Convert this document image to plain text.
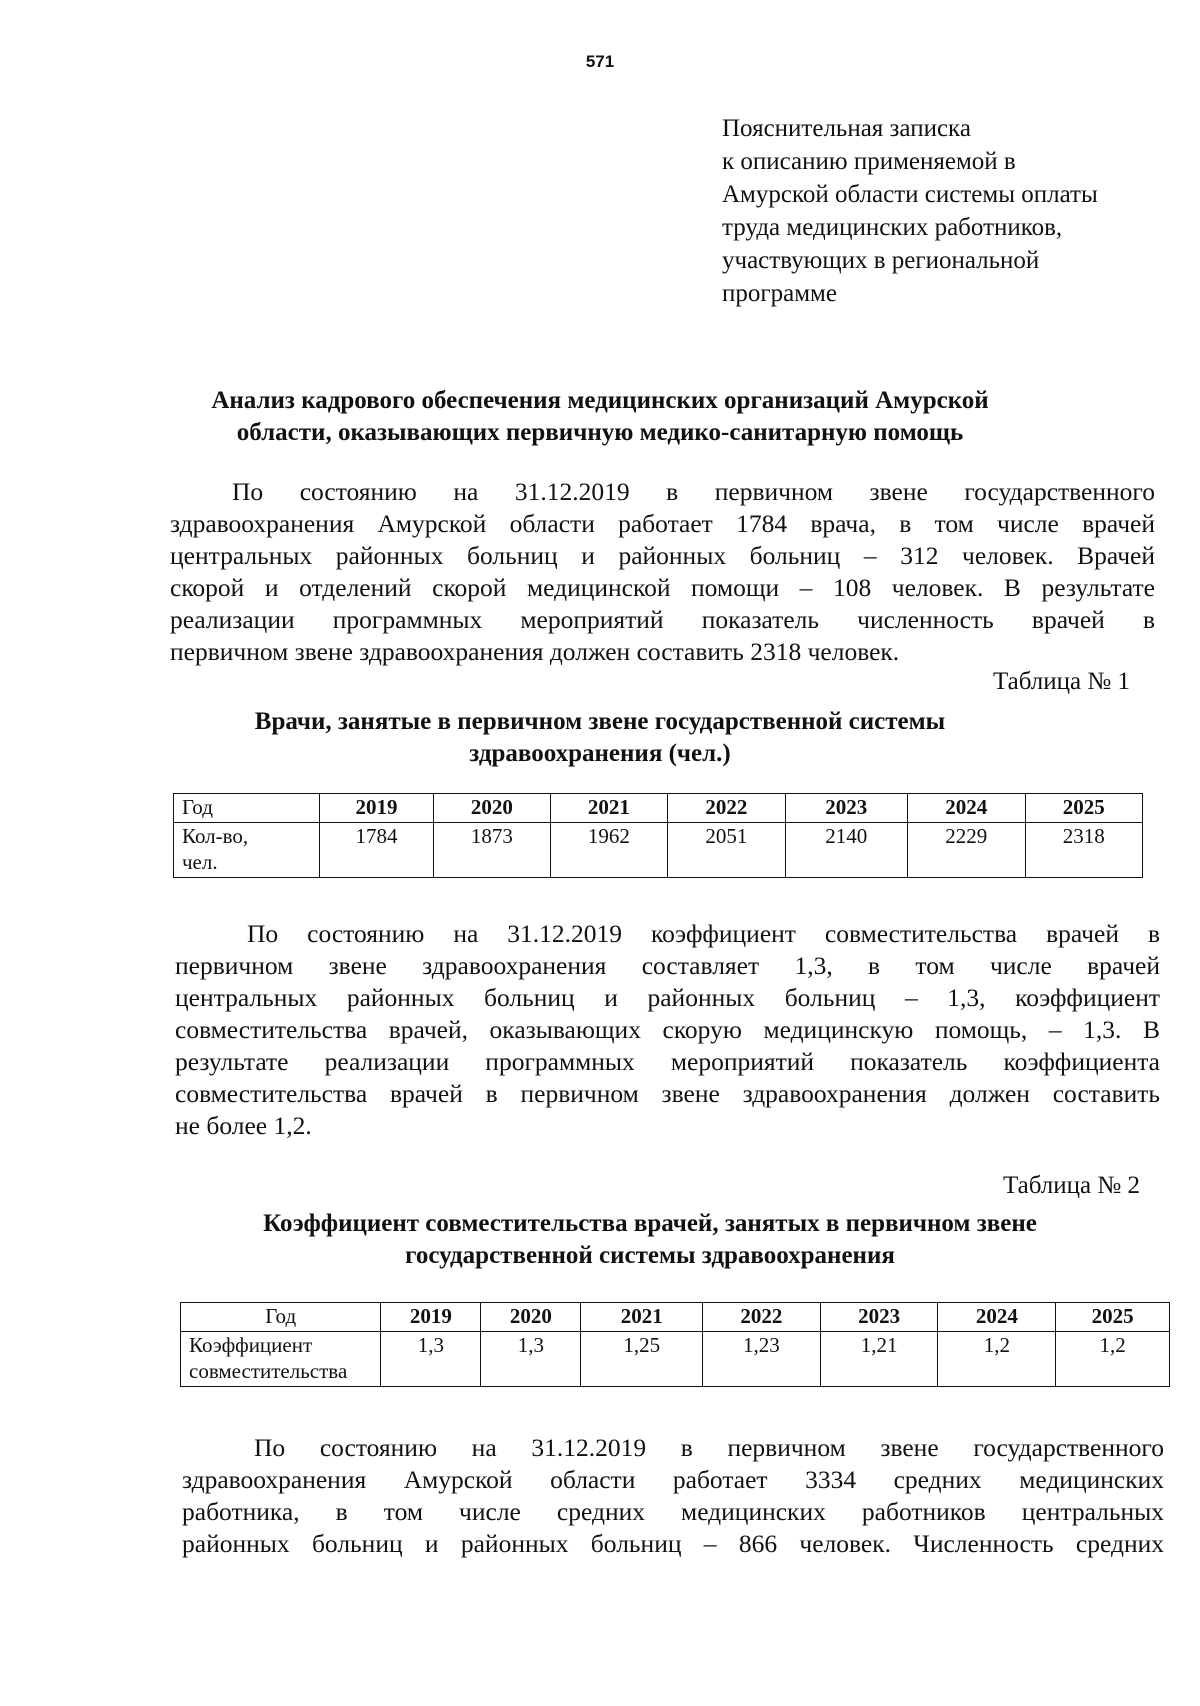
571
Пояснительная записка
к описанию применяемой в
Амурской области системы оплаты
труда медицинских работников,
участвующих в региональной
программе
Анализ кадрового обеспечения медицинских организаций Амурской
области, оказывающих первичную медико-санитарную помощь
По состоянию на 31.12.2019 в первичном звене государственного
здравоохранения Амурской области работает 1784 врача, в том числе врачей
центральных районных больниц и районных больниц – 312 человек. Врачей
скорой и отделений скорой медицинской помощи – 108 человек. В результате
реализации программных мероприятий показатель численность врачей в
первичном звене здравоохранения должен составить 2318 человек.
Таблица № 1
Врачи, занятые в первичном звене государственной системы
здравоохранения (чел.)
Год	2019	2020	2021	2022	2023	2024	2025

Кол-во,
чел.	1784	1873	1962	2051	2140	2229	2318
По состоянию на 31.12.2019 коэффициент совместительства врачей в
первичном звене здравоохранения составляет 1,3, в том числе врачей
центральных районных больниц и районных больниц – 1,3, коэффициент
совместительства врачей, оказывающих скорую медицинскую помощь, – 1,3. В
результате реализации программных мероприятий показатель коэффициента
совместительства врачей в первичном звене здравоохранения должен составить
не более 1,2.
Таблица № 2
Коэффициент совместительства врачей, занятых в первичном звене
государственной системы здравоохранения
Год	2019	2020	2021	2022	2023	2024	2025

Коэффициент
совместительства	1,3	1,3	1,25	1,23	1,21	1,2	1,2
По состоянию на 31.12.2019 в первичном звене государственного
здравоохранения Амурской области работает 3334 средних медицинских
работника, в том числе средних медицинских работников центральных
районных больниц и районных больниц – 866 человек. Численность средних
